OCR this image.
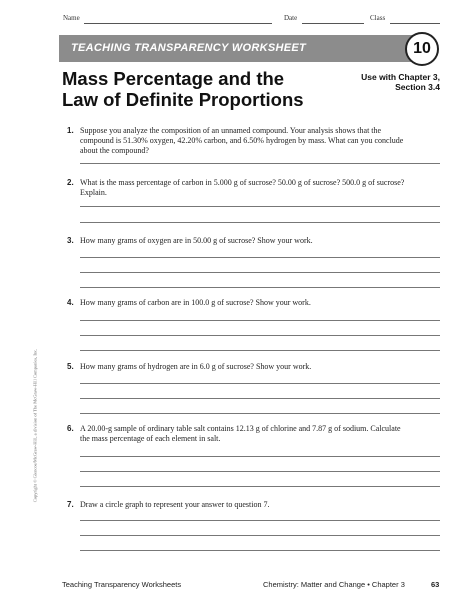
Name	Date	Class
TEACHING TRANSPARENCY WORKSHEET	10
Mass Percentage and the
Law of Definite Proportions
Use with Chapter 3,
Section 3.4
1. Suppose you analyze the composition of an unnamed compound. Your analysis shows that the compound is 51.30% oxygen, 42.20% carbon, and 6.50% hydrogen by mass. What can you conclude about the compound?
2. What is the mass percentage of carbon in 5.000 g of sucrose? 50.00 g of sucrose? 500.0 g of sucrose? Explain.
3. How many grams of oxygen are in 50.00 g of sucrose? Show your work.
4. How many grams of carbon are in 100.0 g of sucrose? Show your work.
5. How many grams of hydrogen are in 6.0 g of sucrose? Show your work.
6. A 20.00-g sample of ordinary table salt contains 12.13 g of chlorine and 7.87 g of sodium. Calculate the mass percentage of each element in salt.
7. Draw a circle graph to represent your answer to question 7.
Copyright © Glencoe/McGraw-Hill, a division of The McGraw-Hill Companies, Inc.
Teaching Transparency Worksheets	Chemistry: Matter and Change • Chapter 3	63
